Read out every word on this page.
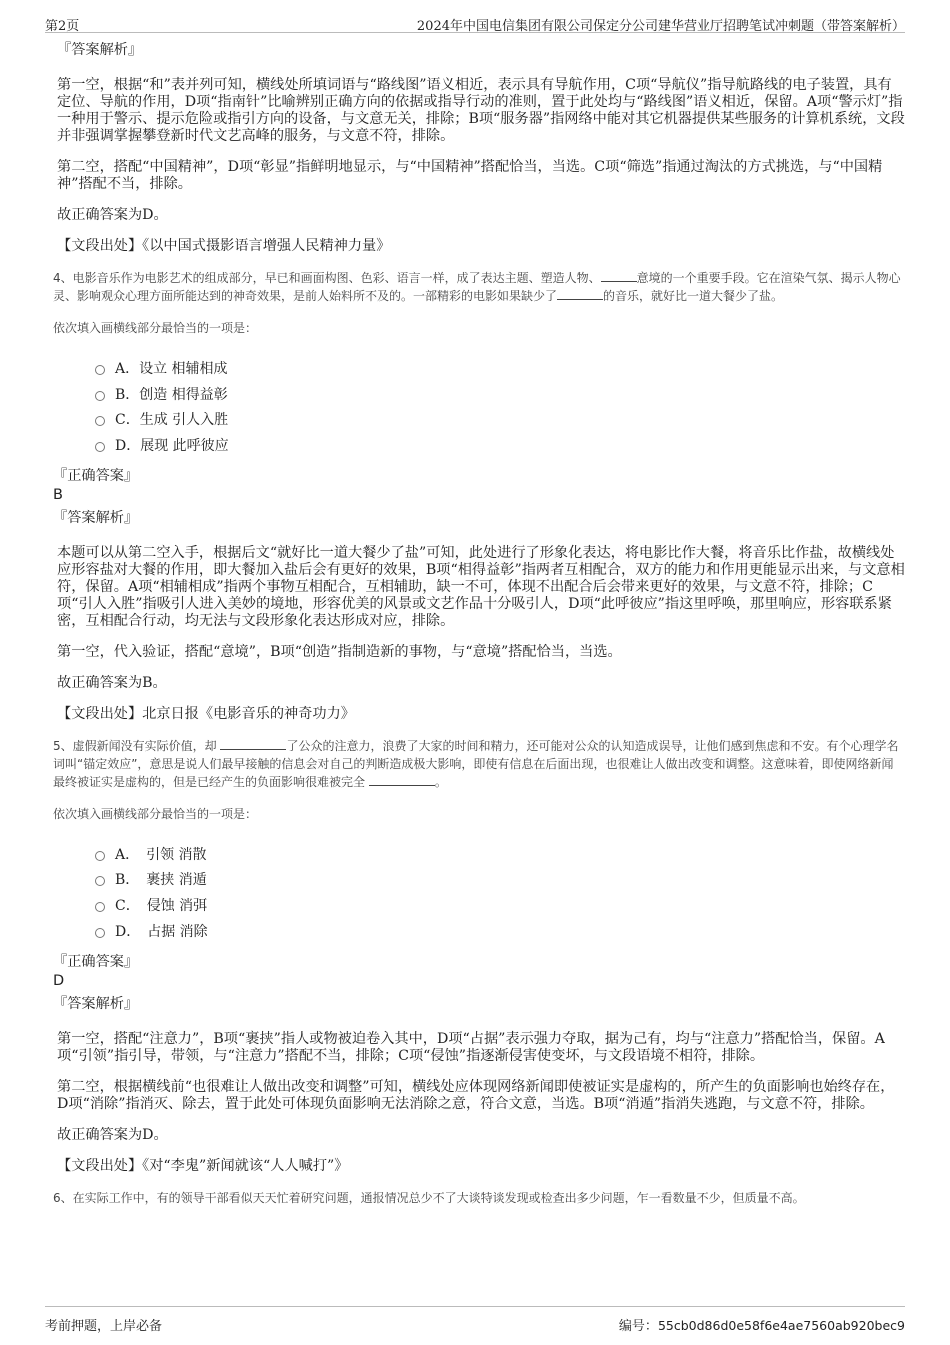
第2页	2024年中国电信集团有限公司保定分公司建华营业厅招聘笔试冲刺题（带答案解析）

『答案解析』

第一空，根据“和”表并列可知，横线处所填词语与“路线图”语义相近，表示具有导航作用，C项“导航仪”指导航路线的电子装置，具有定位、导航的作用，D项“指南针”比喻辨别正确方向的依据或指导行动的准则，置于此处均与“路线图”语义相近，保留。A项“警示灯”指一种用于警示、提示危险或指引方向的设备，与文意无关，排除；B项“服务器”指网络中能对其它机器提供某些服务的计算机系统，文段并非强调掌握攀登新时代文艺高峰的服务，与文意不符，排除。

第二空，搭配“中国精神”，D项“彰显”指鲜明地显示，与“中国精神”搭配恰当，当选。C项“筛选”指通过淘汰的方式挑选，与“中国精神”搭配不当，排除。

故正确答案为D。

【文段出处】《以中国式摄影语言增强人民精神力量》

4、电影音乐作为电影艺术的组成部分，早已和画面构图、色彩、语言一样，成了表达主题、塑造人物、	意境的一个重要手段。它在渲染气氛、揭示人物心灵、影响观众心理方面所能达到的神奇效果，是前人始料所不及的。一部精彩的电影如果缺少了	的音乐，就好比一道大餐少了盐。

依次填入画横线部分最恰当的一项是：

A．设立 相辅相成
B．创造 相得益彰
C．生成 引人入胜
D．展现 此呼彼应

『正确答案』

B

『答案解析』

本题可以从第二空入手，根据后文“就好比一道大餐少了盐”可知，此处进行了形象化表达，将电影比作大餐，将音乐比作盐，故横线处应形容盐对大餐的作用，即大餐加入盐后会有更好的效果，B项“相得益彰”指两者互相配合，双方的能力和作用更能显示出来，与文意相符，保留。A项“相辅相成”指两个事物互相配合，互相辅助，缺一不可，体现不出配合后会带来更好的效果，与文意不符，排除；C项“引人入胜”指吸引人进入美妙的境地，形容优美的风景或文艺作品十分吸引人，D项“此呼彼应”指这里呼唤，那里响应，形容联系紧密，互相配合行动，均无法与文段形象化表达形成对应，排除。

第一空，代入验证，搭配“意境”，B项“创造”指制造新的事物，与“意境”搭配恰当，当选。

故正确答案为B。

【文段出处】北京日报《电影音乐的神奇功力》

5、虚假新闻没有实际价值，却	了公众的注意力，浪费了大家的时间和精力，还可能对公众的认知造成误导，让他们感到焦虑和不安。有个心理学名词叫“锚定效应”，意思是说人们最早接触的信息会对自己的判断造成极大影响，即使有信息在后面出现，也很难让人做出改变和调整。这意味着，即使网络新闻最终被证实是虚构的，但是已经产生的负面影响很难被完全	。

依次填入画横线部分最恰当的一项是：

A．　引领 消散
B．　裹挟 消遁
C．　侵蚀 消弭
D．　占据 消除

『正确答案』

D

『答案解析』

第一空，搭配“注意力”，B项“裹挟”指人或物被迫卷入其中，D项“占据”表示强力夺取，据为己有，均与“注意力”搭配恰当，保留。A项“引领”指引导，带领，与“注意力”搭配不当，排除；C项“侵蚀”指逐渐侵害使变坏，与文段语境不相符，排除。

第二空，根据横线前“也很难让人做出改变和调整”可知，横线处应体现网络新闻即使被证实是虚构的，所产生的负面影响也始终存在，D项“消除”指消灭、除去，置于此处可体现负面影响无法消除之意，符合文意，当选。B项“消遁”指消失逃跑，与文意不符，排除。

故正确答案为D。

【文段出处】《对“李鬼”新闻就该“人人喊打”》

6、在实际工作中，有的领导干部看似天天忙着研究问题，通报情况总少不了大谈特谈发现或检查出多少问题，乍一看数量不少，但质量不高。

考前押题，上岸必备	编号：55cb0d86d0e58f6e4ae7560ab920bec9
